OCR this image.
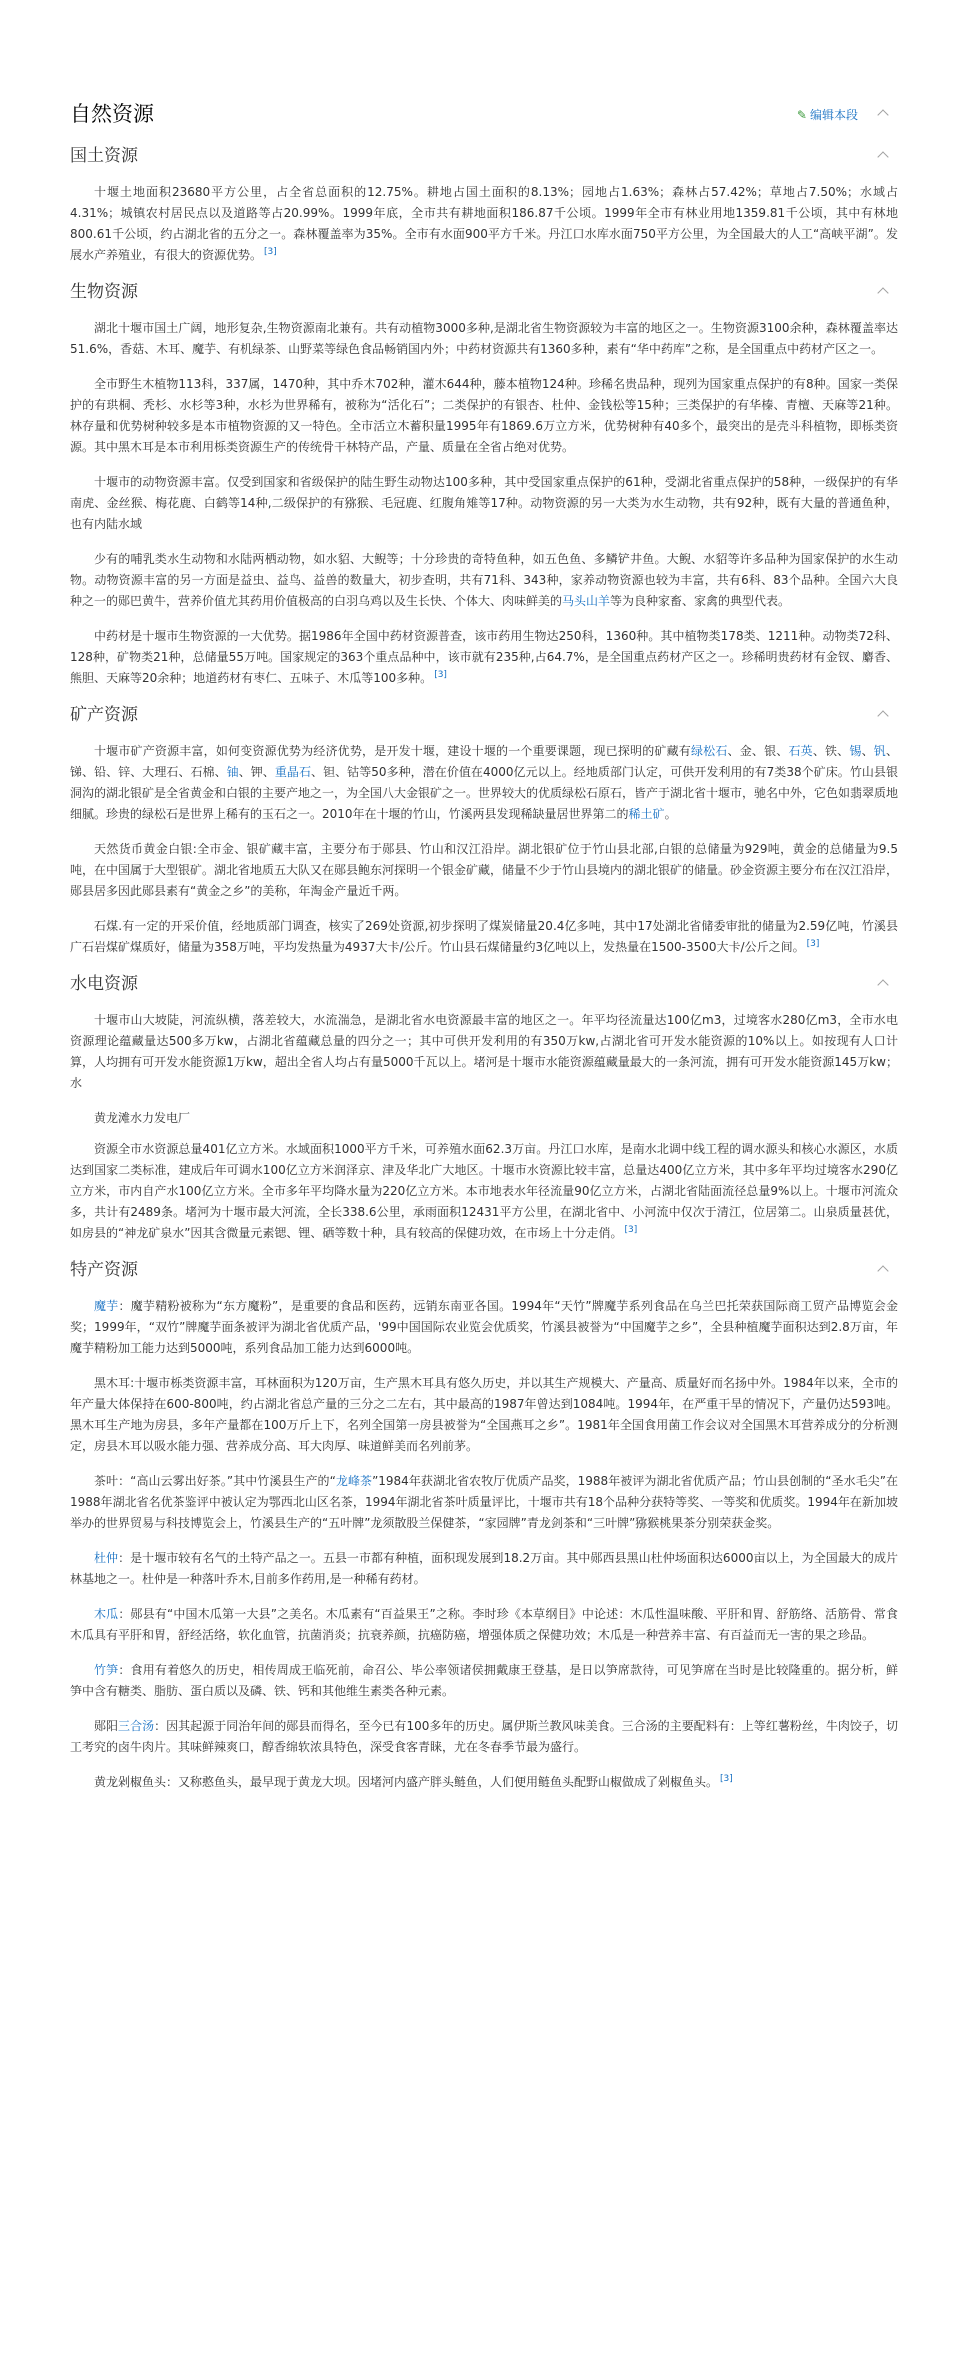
自然资源	✎ 编辑本段
国土资源

十堰土地面积23680平方公里，占全省总面积的12.75%。耕地占国土面积的8.13%；园地占1.63%；森林占57.42%；草地占7.50%；水域占4.31%；城镇农村居民点以及道路等占20.99%。1999年底，全市共有耕地面积186.87千公顷。1999年全市有林业用地1359.81千公顷，其中有林地800.61千公顷，约占湖北省的五分之一。森林覆盖率为35%。全市有水面900平方千米。丹江口水库水面750平方公里，为全国最大的人工“高峡平湖”。发展水产养殖业，有很大的资源优势。 [3]

生物资源

湖北十堰市国土广阔，地形复杂,生物资源南北兼有。共有动植物3000多种,是湖北省生物资源较为丰富的地区之一。生物资源3100余种，森林覆盖率达51.6%，香菇、木耳、魔芋、有机绿茶、山野菜等绿色食品畅销国内外；中药材资源共有1360多种，素有“华中药库”之称，是全国重点中药材产区之一。

全市野生木植物113科，337属，1470种，其中乔木702种，灌木644种，藤本植物124种。珍稀名贵品种，现列为国家重点保护的有8种。国家一类保护的有珙桐、秃杉、水杉等3种，水杉为世界稀有，被称为“活化石”；二类保护的有银杏、杜仲、金钱松等15种；三类保护的有华榛、青檀、天麻等21种。林存量和优势树种较多是本市植物资源的又一特色。全市活立木蓄积量1995年有1869.6万立方米，优势树种有40多个，最突出的是壳斗科植物，即栎类资源。其中黑木耳是本市利用栎类资源生产的传统骨干林特产品，产量、质量在全省占绝对优势。

十堰市的动物资源丰富。仅受到国家和省级保护的陆生野生动物达100多种，其中受国家重点保护的61种，受湖北省重点保护的58种，一级保护的有华南虎、金丝猴、梅花鹿、白鹤等14种,二级保护的有猕猴、毛冠鹿、红腹角雉等17种。动物资源的另一大类为水生动物，共有92种，既有大量的普通鱼种，也有内陆水域

少有的哺乳类水生动物和水陆两栖动物，如水貂、大鲵等；十分珍贵的奇特鱼种，如五色鱼、多鳞铲井鱼。大鲵、水貂等许多品种为国家保护的水生动物。动物资源丰富的另一方面是益虫、益鸟、益兽的数量大，初步查明，共有71科、343种，家养动物资源也较为丰富，共有6科、83个品种。全国六大良种之一的郧巴黄牛，营养价值尤其药用价值极高的白羽乌鸡以及生长快、个体大、肉味鲜美的马头山羊等为良种家畜、家禽的典型代表。

中药材是十堰市生物资源的一大优势。据1986年全国中药材资源普查，该市药用生物达250科，1360种。其中植物类178类、1211种。动物类72科、128种，矿物类21种，总储量55万吨。国家规定的363个重点品种中，该市就有235种,占64.7%，是全国重点药材产区之一。珍稀明贵药材有金钗、麝香、熊胆、天麻等20余种；地道药材有枣仁、五味子、木瓜等100多种。 [3]

矿产资源

十堰市矿产资源丰富，如何变资源优势为经济优势，是开发十堰，建设十堰的一个重要课题，现已探明的矿藏有绿松石、金、银、石英、铁、锡、钒、锑、铅、锌、大理石、石棉、铀、钾、重晶石、钽、钴等50多种，潜在价值在4000亿元以上。经地质部门认定，可供开发利用的有7类38个矿床。竹山县银洞沟的湖北银矿是全省黄金和白银的主要产地之一，为全国八大金银矿之一。世界较大的优质绿松石原石，皆产于湖北省十堰市，驰名中外，它色如翡翠质地细腻。珍贵的绿松石是世界上稀有的玉石之一。2010年在十堰的竹山，竹溪两县发现稀缺量居世界第二的稀土矿。

天然货币黄金白银:全市金、银矿藏丰富，主要分布于郧县、竹山和汉江沿岸。湖北银矿位于竹山县北部,白银的总储量为929吨，黄金的总储量为9.5吨，在中国属于大型银矿。湖北省地质五大队又在郧县鲍东河探明一个银金矿藏，储量不少于竹山县境内的湖北银矿的储量。砂金资源主要分布在汉江沿岸，郧县居多因此郧县素有“黄金之乡”的美称，年淘金产量近千两。

石煤.有一定的开采价值，经地质部门调查，核实了269处资源,初步探明了煤炭储量20.4亿多吨，其中17处湖北省储委审批的储量为2.59亿吨，竹溪县广石岩煤矿煤质好，储量为358万吨，平均发热量为4937大卡/公斤。竹山县石煤储量约3亿吨以上，发热量在1500-3500大卡/公斤之间。 [3]

水电资源

十堰市山大坡陡，河流纵横，落差较大，水流湍急，是湖北省水电资源最丰富的地区之一。年平均径流量达100亿m3，过境客水280亿m3，全市水电资源理论蕴藏量达500多万kw，占湖北省蕴藏总量的四分之一；其中可供开发利用的有350万kw,占湖北省可开发水能资源的10%以上。如按现有人口计算，人均拥有可开发水能资源1万kw，超出全省人均占有量5000千瓦以上。堵河是十堰市水能资源蕴藏量最大的一条河流，拥有可开发水能资源145万kw；水

黄龙滩水力发电厂

资源全市水资源总量401亿立方米。水域面积1000平方千米，可养殖水面62.3万亩。丹江口水库，是南水北调中线工程的调水源头和核心水源区，水质达到国家二类标准，建成后年可调水100亿立方米润泽京、津及华北广大地区。十堰市水资源比较丰富，总量达400亿立方米，其中多年平均过境客水290亿立方米，市内自产水100亿立方米。全市多年平均降水量为220亿立方米。本市地表水年径流量90亿立方米，占湖北省陆面流径总量9%以上。十堰市河流众多，共计有2489条。堵河为十堰市最大河流，全长338.6公里，承雨面积12431平方公里，在湖北省中、小河流中仅次于清江，位居第二。山泉质量甚优，如房县的“神龙矿泉水”因其含微量元素锶、锂、硒等数十种，具有较高的保健功效，在市场上十分走俏。 [3]

特产资源

魔芋：魔芋精粉被称为“东方魔粉”，是重要的食品和医药，远销东南亚各国。1994年“天竹”牌魔芋系列食品在乌兰巴托荣获国际商工贸产品博览会金奖；1999年，“双竹”牌魔芋面条被评为湖北省优质产品，'99中国国际农业览会优质奖，竹溪县被誉为“中国魔芋之乡”，全县种植魔芋面积达到2.8万亩，年魔芋精粉加工能力达到5000吨，系列食品加工能力达到6000吨。

黑木耳:十堰市栎类资源丰富，耳林面积为120万亩，生产黑木耳具有悠久历史，并以其生产规模大、产量高、质量好而名扬中外。1984年以来，全市的年产量大体保持在600-800吨，约占湖北省总产量的三分之二左右，其中最高的1987年曾达到1084吨。1994年，在严重干旱的情况下，产量仍达593吨。黑木耳生产地为房县，多年产量都在100万斤上下，名列全国第一房县被誉为“全国燕耳之乡”。1981年全国食用菌工作会议对全国黑木耳营养成分的分析测定，房县木耳以吸水能力强、营养成分高、耳大肉厚、味道鲜美而名列前茅。

茶叶：“高山云雾出好茶。”其中竹溪县生产的“龙峰茶”1984年获湖北省农牧厅优质产品奖，1988年被评为湖北省优质产品；竹山县创制的“圣水毛尖”在1988年湖北省名优茶鉴评中被认定为鄂西北山区名茶，1994年湖北省茶叶质量评比，十堰市共有18个品种分获特等奖、一等奖和优质奖。1994年在新加坡举办的世界贸易与科技博览会上，竹溪县生产的“五叶牌”龙须散股兰保健茶，“家园牌”青龙剑茶和“三叶牌”猕猴桃果茶分别荣获金奖。

杜仲：是十堰市较有名气的土特产品之一。五县一市都有种植，面积现发展到18.2万亩。其中郧西县黑山杜仲场面积达6000亩以上，为全国最大的成片林基地之一。杜仲是一种落叶乔木,目前多作药用,是一种稀有药材。

木瓜：郧县有“中国木瓜第一大县”之美名。木瓜素有“百益果王”之称。李时珍《本草纲目》中论述：木瓜性温味酸、平肝和胃、舒筋络、活筋骨、常食木瓜具有平肝和胃，舒经活络，软化血管，抗菌消炎；抗衰养颜，抗癌防癌，增强体质之保健功效；木瓜是一种营养丰富、有百益而无一害的果之珍品。

竹笋：食用有着悠久的历史，相传周成王临死前，命召公、毕公率领诸侯拥戴康王登基，是日以笋席款待，可见笋席在当时是比较隆重的。据分析，鲜笋中含有糖类、脂肪、蛋白质以及磷、铁、钙和其他维生素类各种元素。

郧阳三合汤：因其起源于同治年间的郧县而得名，至今已有100多年的历史。属伊斯兰教风味美食。三合汤的主要配料有：上等红薯粉丝，牛肉饺子，切工考究的卤牛肉片。其味鲜辣爽口，醇香绵软浓具特色，深受食客青睐，尤在冬春季节最为盛行。

黄龙剁椒鱼头：又称憨鱼头，最早现于黄龙大坝。因堵河内盛产胖头鲢鱼，人们便用鲢鱼头配野山椒做成了剁椒鱼头。 [3]
